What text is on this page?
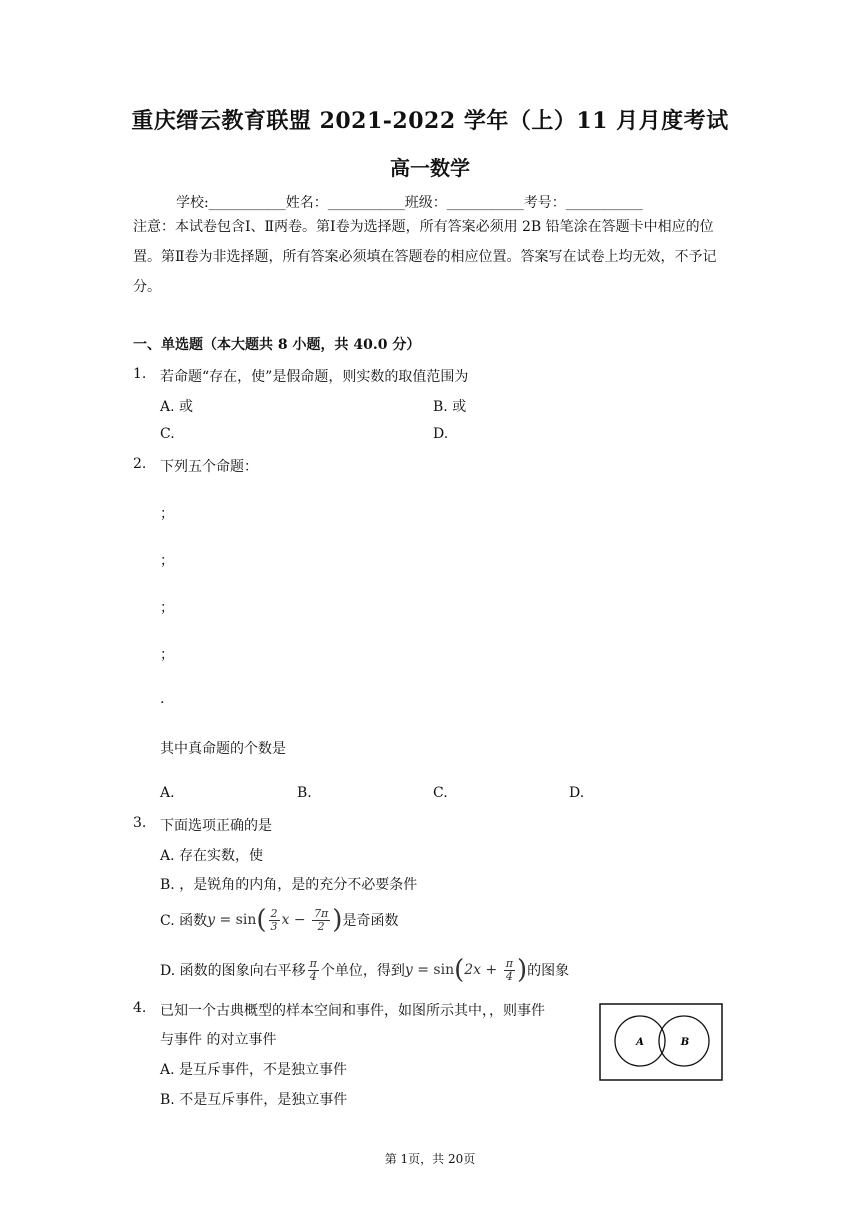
重庆缙云教育联盟 2021-2022 学年（上）11 月月度考试
高一数学
学校:___________姓名：___________班级：___________考号：___________
注意：本试卷包含Ⅰ、Ⅱ两卷。第Ⅰ卷为选择题，所有答案必须用 2B 铅笔涂在答题卡中相应的位置。第Ⅱ卷为非选择题，所有答案必须填在答题卷的相应位置。答案写在试卷上均无效，不予记分。
一、单选题（本大题共 8 小题，共 40.0 分）
1. 若命题“存在，使”是假命题，则实数的取值范围为
A. 或	B. 或
C.	D.
2. 下列五个命题：
；
；
；
；
.
其中真命题的个数是
A.	B.	C.	D.
3. 下面选项正确的是
A. 存在实数，使
B. ，是锐角的内角，是的充分不必要条件
C. 函数 $y = \sin( \frac{2}{3}$ $x - \frac{7\pi}{2}$ ) 是奇函数
D. 函数的图象向右平移 $\frac{\pi}{4}$ 个单位，得到 $y = \sin(2x + \frac{\pi}{4}$ ) 的图象
4. 已知一个古典概型的样本空间和事件，如图所示其中，，则事件
与事件 的对立事件
A. 是互斥事件，不是独立事件
B. 不是互斥事件，是独立事件
A	B
第 1页，共 20页
